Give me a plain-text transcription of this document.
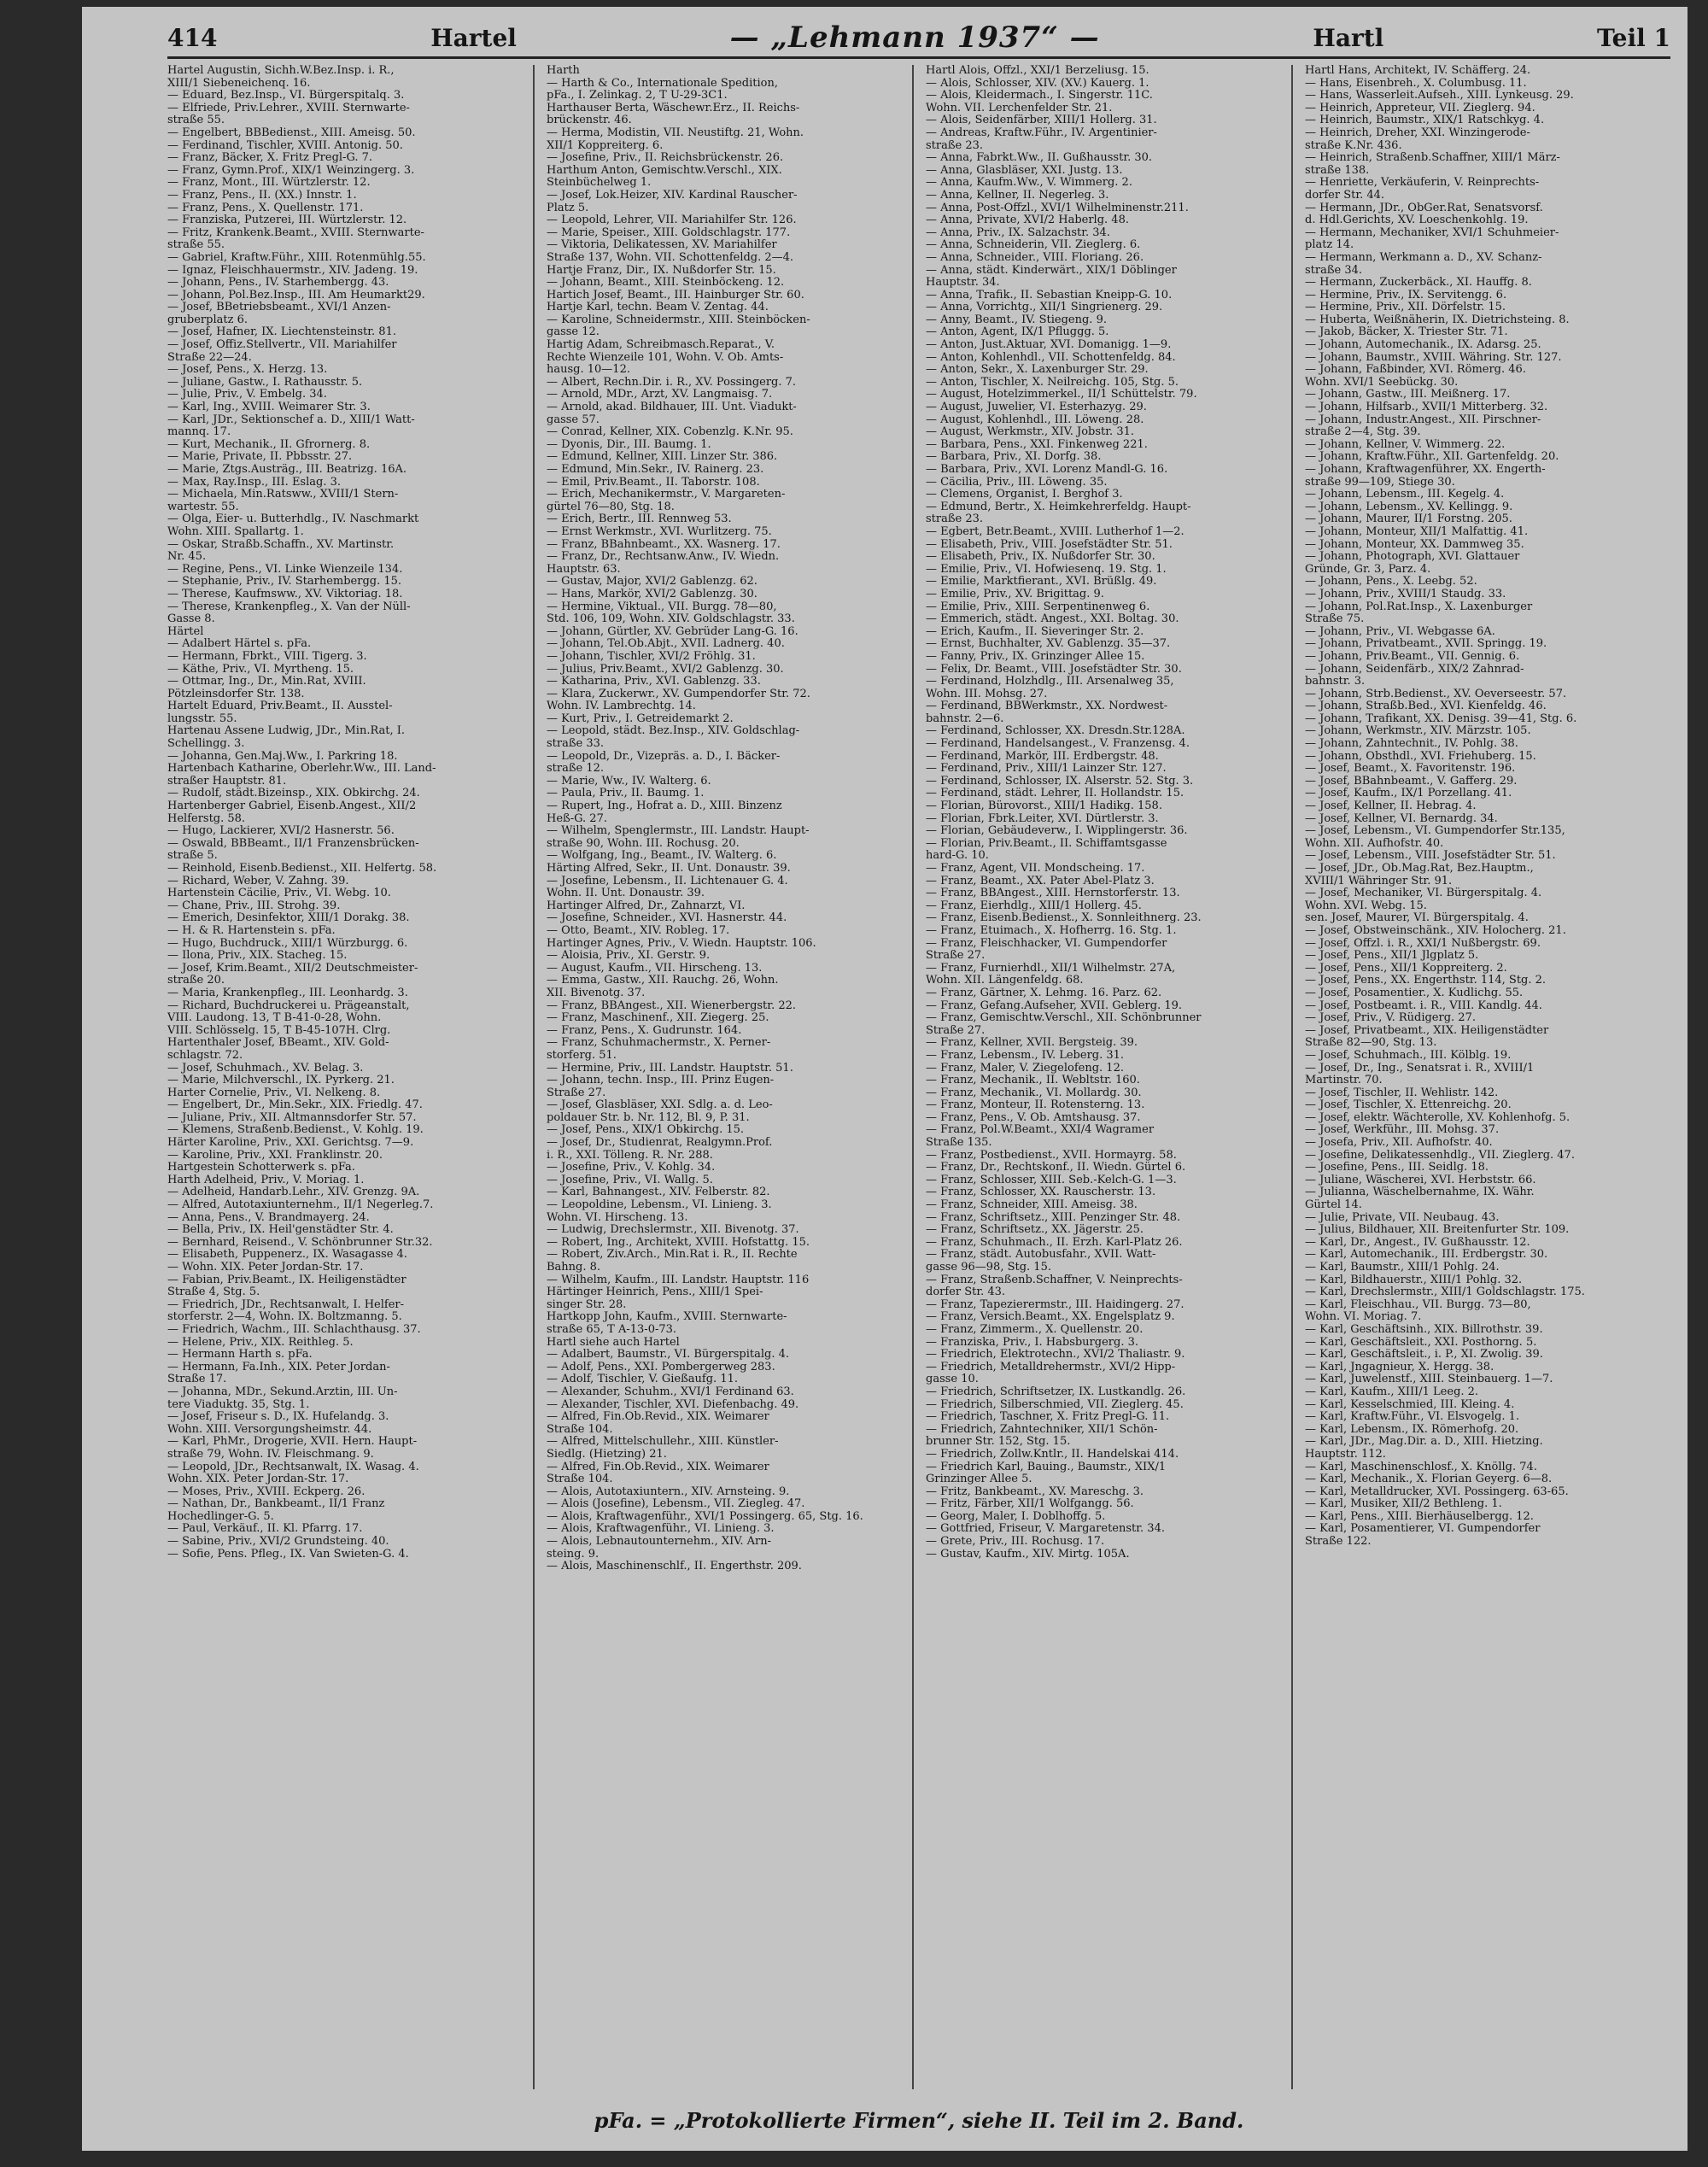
414	Hartel	— „Lehmann 1937“ —	Hartl	Teil 1
Hartel Augustin, Sichh.W.Bez.Insp. i. R.,
XIII/1 Siebeneichenq. 16.
— Eduard, Bez.Insp., VI. Bürgerspitalq. 3.
— Elfriede, Priv.Lehrer., XVIII. Sternwarte-
straße 55.
— Engelbert, BBBedienst., XIII. Ameisg. 50.
— Ferdinand, Tischler, XVIII. Antonig. 50.
— Franz, Bäcker, X. Fritz Pregl-G. 7.
— Franz, Gymn.Prof., XIX/1 Weinzingerg. 3.
— Franz, Mont., III. Würtzlerstr. 12.
— Franz, Pens., II. (XX.) Innstr. 1.
— Franz, Pens., X. Quellenstr. 171.
— Franziska, Putzerei, III. Würtzlerstr. 12.
— Fritz, Krankenk.Beamt., XVIII. Sternwarte-
straße 55.
— Gabriel, Kraftw.Führ., XIII. Rotenmühlg.55.
— Ignaz, Fleischhauermstr., XIV. Jadeng. 19.
— Johann, Pens., IV. Starhembergg. 43.
— Johann, Pol.Bez.Insp., III. Am Heumarkt29.
— Josef, BBetriebsbeamt., XVI/1 Anzen-
gruberplatz 6.
— Josef, Hafner, IX. Liechtensteinstr. 81.
— Josef, Offiz.Stellvertr., VII. Mariahilfer
Straße 22—24.
— Josef, Pens., X. Herzg. 13.
— Juliane, Gastw., I. Rathausstr. 5.
— Julie, Priv., V. Embelg. 34.
— Karl, Ing., XVIII. Weimarer Str. 3.
— Karl, JDr., Sektionschef a. D., XIII/1 Watt-
mannq. 17.
— Kurt, Mechanik., II. Gfrornerg. 8.
— Marie, Private, II. Pbbsstr. 27.
— Marie, Ztgs.Austräg., III. Beatrizg. 16A.
— Max, Ray.Insp., III. Eslag. 3.
— Michaela, Min.Ratsww., XVIII/1 Stern-
wartestr. 55.
— Olga, Eier- u. Butterhdlg., IV. Naschmarkt
Wohn. XIII. Spallartg. 1.
— Oskar, Straßb.Schaffn., XV. Martinstr.
Nr. 45.
— Regine, Pens., VI. Linke Wienzeile 134.
— Stephanie, Priv., IV. Starhembergg. 15.
— Therese, Kaufmsww., XV. Viktoriag. 18.
— Therese, Krankenpfleg., X. Van der Nüll-
Gasse 8.
Härtel
— Adalbert Härtel s. pFa.
— Hermann, Fbrkt., VIII. Tigerg. 3.
— Käthe, Priv., VI. Myrtheng. 15.
— Ottmar, Ing., Dr., Min.Rat, XVIII.
Pötzleinsdorfer Str. 138.
Hartelt Eduard, Priv.Beamt., II. Ausstel-
lungsstr. 55.
Hartenau Assene Ludwig, JDr., Min.Rat, I.
Schellingg. 3.
— Johanna, Gen.Maj.Ww., I. Parkring 18.
Hartenbach Katharine, Oberlehr.Ww., III. Land-
straßer Hauptstr. 81.
— Rudolf, städt.Bizeinsp., XIX. Obkirchg. 24.
Hartenberger Gabriel, Eisenb.Angest., XII/2
Helferstg. 58.
— Hugo, Lackierer, XVI/2 Hasnerstr. 56.
— Oswald, BBBeamt., II/1 Franzensbrücken-
straße 5.
— Reinhold, Eisenb.Bedienst., XII. Helfertg. 58.
— Richard, Weber, V. Zahng. 39.
Hartenstein Cäcilie, Priv., VI. Webg. 10.
— Chane, Priv., III. Strohg. 39.
— Emerich, Desinfektor, XIII/1 Dorakg. 38.
— H. & R. Hartenstein s. pFa.
— Hugo, Buchdruck., XIII/1 Würzburgg. 6.
— Ilona, Priv., XIX. Stacheg. 15.
— Josef, Krim.Beamt., XII/2 Deutschmeister-
straße 20.
— Maria, Krankenpfleg., III. Leonhardg. 3.
— Richard, Buchdruckerei u. Prägeanstalt,
VIII. Laudong. 13, T B-41-0-28, Wohn.
VIII. Schlösselg. 15, T B-45-107H. Clrg.
Hartenthaler Josef, BBeamt., XIV. Gold-
schlagstr. 72.
— Josef, Schuhmach., XV. Belag. 3.
— Marie, Milchverschl., IX. Pyrkerg. 21.
Harter Cornelie, Priv., VI. Nelkeng. 8.
— Engelbert, Dr., Min.Sekr., XIX. Friedlg. 47.
— Juliane, Priv., XII. Altmannsdorfer Str. 57.
— Klemens, Straßenb.Bedienst., V. Kohlg. 19.
Härter Karoline, Priv., XXI. Gerichtsg. 7—9.
— Karoline, Priv., XXI. Franklinstr. 20.
Hartgestein Schotterwerk s. pFa.
Harth Adelheid, Priv., V. Moriag. 1.
— Adelheid, Handarb.Lehr., XIV. Grenzg. 9A.
— Alfred, Autotaxiunternehm., II/1 Negerleg.7.
— Anna, Pens., V. Brandmayerg. 24.
— Bella, Priv., IX. Heil'genstädter Str. 4.
— Bernhard, Reisend., V. Schönbrunner Str.32.
— Elisabeth, Puppenerz., IX. Wasagasse 4.
— Wohn. XIX. Peter Jordan-Str. 17.
— Fabian, Priv.Beamt., IX. Heiligenstädter
Straße 4, Stg. 5.
— Friedrich, JDr., Rechtsanwalt, I. Helfer-
storferstr. 2—4, Wohn. IX. Boltzmanng. 5.
— Friedrich, Wachm., III. Schlachthausg. 37.
— Helene, Priv., XIX. Reithleg. 5.
— Hermann Harth s. pFa.
— Hermann, Fa.Inh., XIX. Peter Jordan-
Straße 17.
— Johanna, MDr., Sekund.Ärztin, III. Un-
tere Viaduktg. 35, Stg. 1.
— Josef, Friseur s. D., IX. Hufelandg. 3.
Wohn. XIII. Versorgungsheimstr. 44.
— Karl, PhMr., Drogerie, XVII. Hern. Haupt-
straße 79, Wohn. IV. Fleischmang. 9.
— Leopold, JDr., Rechtsanwalt, IX. Wasag. 4.
Wohn. XIX. Peter Jordan-Str. 17.
— Moses, Priv., XVIII. Eckperg. 26.
— Nathan, Dr., Bankbeamt., II/1 Franz
Hochedlinger-G. 5.
— Paul, Verkäuf., II. Kl. Pfarrg. 17.
— Sabine, Priv., XVI/2 Grundsteing. 40.
— Sofie, Pens. Pfleg., IX. Van Swieten-G. 4.
Harth
— Harth & Co., Internationale Spedition,
pFa., I. Zelinkag. 2, T U-29-3C1.
Harthauser Berta, Wäschewr.Erz., II. Reichs-
brückenstr. 46.
— Herma, Modistin, VII. Neustiftg. 21, Wohn.
XII/1 Koppreiterg. 6.
— Josefine, Priv., II. Reichsbrückenstr. 26.
Harthum Anton, Gemischtw.Verschl., XIX.
Steinbüchelweg 1.
— Josef, Lok.Heizer, XIV. Kardinal Rauscher-
Platz 5.
— Leopold, Lehrer, VII. Mariahilfer Str. 126.
— Marie, Speiser., XIII. Goldschlagstr. 177.
— Viktoria, Delikatessen, XV. Mariahilfer
Straße 137, Wohn. VII. Schottenfeldg. 2—4.
Hartje Franz, Dir., IX. Nußdorfer Str. 15.
— Johann, Beamt., XIII. Steinböckeng. 12.
Hartich Josef, Beamt., III. Hainburger Str. 60.
Hartje Karl, techn. Beam V. Zentag. 44.
— Karoline, Schneidermstr., XIII. Steinböcken-
gasse 12.
Hartig Adam, Schreibmasch.Reparat., V.
Rechte Wienzeile 101, Wohn. V. Ob. Amts-
hausg. 10—12.
— Albert, Rechn.Dir. i. R., XV. Possingerg. 7.
— Arnold, MDr., Arzt, XV. Langmaisg. 7.
— Arnold, akad. Bildhauer, III. Unt. Viadukt-
gasse 57.
— Conrad, Kellner, XIX. Cobenzlg. K.Nr. 95.
— Dyonis, Dir., III. Baumg. 1.
— Edmund, Kellner, XIII. Linzer Str. 386.
— Edmund, Min.Sekr., IV. Rainerg. 23.
— Emil, Priv.Beamt., II. Taborstr. 108.
— Erich, Mechanikermstr., V. Margareten-
gürtel 76—80, Stg. 18.
— Erich, Bertr., III. Rennweg 53.
— Ernst Werkmstr., XVI. Wurlitzerg. 75.
— Franz, BBahnbeamt., XX. Wasnerg. 17.
— Franz, Dr., Rechtsanw.Anw., IV. Wiedn.
Hauptstr. 63.
— Gustav, Major, XVI/2 Gablenzg. 62.
— Hans, Markör, XVI/2 Gablenzg. 30.
— Hermine, Viktual., VII. Burgg. 78—80,
Std. 106, 109, Wohn. XIV. Goldschlagstr. 33.
— Johann, Gürtler, XV. Gebrüder Lang-G. 16.
— Johann, Tel.Ob.Abjt., XVII. Ladnerg. 40.
— Johann, Tischler, XVI/2 Fröhlg. 31.
— Julius, Priv.Beamt., XVI/2 Gablenzg. 30.
— Katharina, Priv., XVI. Gablenzg. 33.
— Klara, Zuckerwr., XV. Gumpendorfer Str. 72.
Wohn. IV. Lambrechtg. 14.
— Kurt, Priv., I. Getreidemarkt 2.
— Leopold, städt. Bez.Insp., XIV. Goldschlag-
straße 33.
— Leopold, Dr., Vizepräs. a. D., I. Bäcker-
straße 12.
— Marie, Ww., IV. Walterg. 6.
— Paula, Priv., II. Baumg. 1.
— Rupert, Ing., Hofrat a. D., XIII. Binzenz
Heß-G. 27.
— Wilhelm, Spenglermstr., III. Landstr. Haupt-
straße 90, Wohn. III. Rochusg. 20.
— Wolfgang, Ing., Beamt., IV. Walterg. 6.
Härting Alfred, Sekr., II. Unt. Donaustr. 39.
— Josefine, Lebensm., II. Lichtenauer G. 4.
Wohn. II. Unt. Donaustr. 39.
Hartinger Alfred, Dr., Zahnarzt, VI.
— Josefine, Schneider., XVI. Hasnerstr. 44.
— Otto, Beamt., XIV. Robleg. 17.
Hartinger Agnes, Priv., V. Wiedn. Hauptstr. 106.
— Aloisia, Priv., XI. Gerstr. 9.
— August, Kaufm., VII. Hirscheng. 13.
— Emma, Gastw., XII. Rauchg. 26, Wohn.
XII. Bivenotg. 37.
— Franz, BBAngest., XII. Wienerbergstr. 22.
— Franz, Maschinenf., XII. Ziegerg. 25.
— Franz, Pens., X. Gudrunstr. 164.
— Franz, Schuhmachermstr., X. Perner-
storferg. 51.
— Hermine, Priv., III. Landstr. Hauptstr. 51.
— Johann, techn. Insp., III. Prinz Eugen-
Straße 27.
— Josef, Glasbläser, XXI. Sdlg. a. d. Leo-
poldauer Str. b. Nr. 112, Bl. 9, P. 31.
— Josef, Pens., XIX/1 Obkirchg. 15.
— Josef, Dr., Studienrat, Realgymn.Prof.
i. R., XXI. Tölleng. R. Nr. 288.
— Josefine, Priv., V. Kohlg. 34.
— Josefine, Priv., VI. Wallg. 5.
— Karl, Bahnangest., XIV. Felberstr. 82.
— Leopoldine, Lebensm., VI. Linieng. 3.
Wohn. VI. Hirscheng. 13.
— Ludwig, Drechslermstr., XII. Bivenotg. 37.
— Robert, Ing., Architekt, XVIII. Hofstattg. 15.
— Robert, Ziv.Arch., Min.Rat i. R., II. Rechte
Bahng. 8.
— Wilhelm, Kaufm., III. Landstr. Hauptstr. 116
Härtinger Heinrich, Pens., XIII/1 Spei-
singer Str. 28.
Hartkopp John, Kaufm., XVIII. Sternwarte-
straße 65, T A-13-0-73.
Hartl siehe auch Hartel
— Adalbert, Baumstr., VI. Bürgerspitalg. 4.
— Adolf, Pens., XXI. Pombergerweg 283.
— Adolf, Tischler, V. Gießaufg. 11.
— Alexander, Schuhm., XVI/1 Ferdinand 63.
— Alexander, Tischler, XVI. Diefenbachg. 49.
— Alfred, Fin.Ob.Revid., XIX. Weimarer
Straße 104.
— Alfred, Mittelschullehr., XIII. Künstler-
Siedlg. (Hietzing) 21.
— Alfred, Fin.Ob.Revid., XIX. Weimarer
Straße 104.
— Alois, Autotaxiuntern., XIV. Arnsteing. 9.
— Alois (Josefine), Lebensm., VII. Ziegleg. 47.
— Alois, Kraftwagenführ., XVI/1 Possingerg. 65, Stg. 16.
— Alois, Kraftwagenführ., VI. Linieng. 3.
— Alois, Lebnautounternehm., XIV. Arn-
steing. 9.
— Alois, Maschinenschlf., II. Engerthstr. 209.
Hartl Alois, Offzl., XXI/1 Berzeliusg. 15.
— Alois, Schlosser, XIV. (XV.) Kauerg. 1.
— Alois, Kleidermach., I. Singerstr. 11C.
Wohn. VII. Lerchenfelder Str. 21.
— Alois, Seidenfärber, XIII/1 Hollerg. 31.
— Andreas, Kraftw.Führ., IV. Argentinier-
straße 23.
— Anna, Fabrkt.Ww., II. Gußhausstr. 30.
— Anna, Glasbläser, XXI. Justg. 13.
— Anna, Kaufm.Ww., V. Wimmerg. 2.
— Anna, Kellner, II. Negerleg. 3.
— Anna, Post-Offzl., XVI/1 Wilhelminenstr.211.
— Anna, Private, XVI/2 Haberlg. 48.
— Anna, Priv., IX. Salzachstr. 34.
— Anna, Schneiderin, VII. Zieglerg. 6.
— Anna, Schneider., VIII. Floriang. 26.
— Anna, städt. Kinderwärt., XIX/1 Döblinger
Hauptstr. 34.
— Anna, Trafik., II. Sebastian Kneipp-G. 10.
— Anna, Vorrichtg., XII/1 Singrienerg. 29.
— Anny, Beamt., IV. Stiegeng. 9.
— Anton, Agent, IX/1 Pfluggg. 5.
— Anton, Just.Aktuar, XVI. Domanigg. 1—9.
— Anton, Kohlenhdl., VII. Schottenfeldg. 84.
— Anton, Sekr., X. Laxenburger Str. 29.
— Anton, Tischler, X. Neilreichg. 105, Stg. 5.
— August, Hotelzimmerkel., II/1 Schüttelstr. 79.
— August, Juwelier, VI. Esterhazyg. 29.
— August, Kohlenhdl., III. Löweng. 28.
— August, Werkmstr., XIV. Jobstr. 31.
— Barbara, Pens., XXI. Finkenweg 221.
— Barbara, Priv., XI. Dorfg. 38.
— Barbara, Priv., XVI. Lorenz Mandl-G. 16.
— Cäcilia, Priv., III. Löweng. 35.
— Clemens, Organist, I. Berghof 3.
— Edmund, Bertr., X. Heimkehrerfeldg. Haupt-
straße 23.
— Egbert, Betr.Beamt., XVIII. Lutherhof 1—2.
— Elisabeth, Priv., VIII. Josefstädter Str. 51.
— Elisabeth, Priv., IX. Nußdorfer Str. 30.
— Emilie, Priv., VI. Hofwiesenq. 19. Stg. 1.
— Emilie, Marktfierant., XVI. Brüßlg. 49.
— Emilie, Priv., XV. Brigittag. 9.
— Emilie, Priv., XIII. Serpentinenweg 6.
— Emmerich, städt. Angest., XXI. Boltag. 30.
— Erich, Kaufm., II. Sieveringer Str. 2.
— Ernst, Buchhalter, XV. Gablenzg. 35—37.
— Fanny, Priv., IX. Grinzinger Allee 15.
— Felix, Dr. Beamt., VIII. Josefstädter Str. 30.
— Ferdinand, Holzhdlg., III. Arsenalweg 35,
Wohn. III. Mohsg. 27.
— Ferdinand, BBWerkmstr., XX. Nordwest-
bahnstr. 2—6.
— Ferdinand, Schlosser, XX. Dresdn.Str.128A.
— Ferdinand, Handelsangest., V. Franzensg. 4.
— Ferdinand, Markör, III. Erdbergstr. 48.
— Ferdinand, Priv., XIII/1 Lainzer Str. 127.
— Ferdinand, Schlosser, IX. Alserstr. 52. Stg. 3.
— Ferdinand, städt. Lehrer, II. Hollandstr. 15.
— Florian, Bürovorst., XIII/1 Hadikg. 158.
— Florian, Fbrk.Leiter, XVI. Dürtlerstr. 3.
— Florian, Gebäudeverw., I. Wipplingerstr. 36.
— Florian, Priv.Beamt., II. Schiffamtsgasse
hard-G. 10.
— Franz, Agent, VII. Mondscheing. 17.
— Franz, Beamt., XX. Pater Abel-Platz 3.
— Franz, BBAngest., XIII. Hernstorferstr. 13.
— Franz, Eierhdlg., XIII/1 Hollerg. 45.
— Franz, Eisenb.Bedienst., X. Sonnleithnerg. 23.
— Franz, Etuimach., X. Hofherrg. 16. Stg. 1.
— Franz, Fleischhacker, VI. Gumpendorfer
Straße 27.
— Franz, Furnierhdl., XII/1 Wilhelmstr. 27A,
Wohn. XII. Längenfeldg. 68.
— Franz, Gärtner, X. Lehmg. 16. Parz. 62.
— Franz, Gefang.Aufseher, XVII. Geblerg. 19.
— Franz, Gemischtw.Verschl., XII. Schönbrunner
Straße 27.
— Franz, Kellner, XVII. Bergsteig. 39.
— Franz, Lebensm., IV. Leberg. 31.
— Franz, Maler, V. Ziegelofeng. 12.
— Franz, Mechanik., II. Webltstr. 160.
— Franz, Mechanik., VI. Mollardg. 30.
— Franz, Monteur, II. Rotensterng. 13.
— Franz, Pens., V. Ob. Amtshausg. 37.
— Franz, Pol.W.Beamt., XXI/4 Wagramer
Straße 135.
— Franz, Postbedienst., XVII. Hormayrg. 58.
— Franz, Dr., Rechtskonf., II. Wiedn. Gürtel 6.
— Franz, Schlosser, XIII. Seb.-Kelch-G. 1—3.
— Franz, Schlosser, XX. Rauscherstr. 13.
— Franz, Schneider, XIII. Ameisg. 38.
— Franz, Schriftsetz., XIII. Penzinger Str. 48.
— Franz, Schriftsetz., XX. Jägerstr. 25.
— Franz, Schuhmach., II. Erzh. Karl-Platz 26.
— Franz, städt. Autobusfahr., XVII. Watt-
gasse 96—98, Stg. 15.
— Franz, Straßenb.Schaffner, V. Neinprechts-
dorfer Str. 43.
— Franz, Tapezierermstr., III. Haidingerg. 27.
— Franz, Versich.Beamt., XX. Engelsplatz 9.
— Franz, Zimmerm., X. Quellenstr. 20.
— Franziska, Priv., I. Habsburgerg. 3.
— Friedrich, Elektrotechn., XVI/2 Thaliastr. 9.
— Friedrich, Metalldrehermstr., XVI/2 Hipp-
gasse 10.
— Friedrich, Schriftsetzer, IX. Lustkandlg. 26.
— Friedrich, Silberschmied, VII. Zieglerg. 45.
— Friedrich, Taschner, X. Fritz Pregl-G. 11.
— Friedrich, Zahntechniker, XII/1 Schön-
brunner Str. 152, Stg. 15.
— Friedrich, Zollw.Kntlr., II. Handelskai 414.
— Friedrich Karl, Bauing., Baumstr., XIX/1
Grinzinger Allee 5.
— Fritz, Bankbeamt., XV. Mareschg. 3.
— Fritz, Färber, XII/1 Wolfgangg. 56.
— Georg, Maler, I. Doblhoffg. 5.
— Gottfried, Friseur, V. Margaretenstr. 34.
— Grete, Priv., III. Rochusg. 17.
— Gustav, Kaufm., XIV. Mirtg. 105A.
Hartl Hans, Architekt, IV. Schäfferg. 24.
— Hans, Eisenbreh., X. Columbusg. 11.
— Hans, Wasserleit.Aufseh., XIII. Lynkeusg. 29.
— Heinrich, Appreteur, VII. Zieglerg. 94.
— Heinrich, Baumstr., XIX/1 Ratschkyg. 4.
— Heinrich, Dreher, XXI. Winzingerode-
straße K.Nr. 436.
— Heinrich, Straßenb.Schaffner, XIII/1 März-
straße 138.
— Henriette, Verkäuferin, V. Reinprechts-
dorfer Str. 44.
— Hermann, JDr., ObGer.Rat, Senatsvorsf.
d. Hdl.Gerichts, XV. Loeschenkohlg. 19.
— Hermann, Mechaniker, XVI/1 Schuhmeier-
platz 14.
— Hermann, Werkmann a. D., XV. Schanz-
straße 34.
— Hermann, Zuckerbäck., XI. Hauffg. 8.
— Hermine, Priv., IX. Servitengg. 6.
— Hermine, Priv., XII. Dörfelstr. 15.
— Huberta, Weißnäherin, IX. Dietrichsteing. 8.
— Jakob, Bäcker, X. Triester Str. 71.
— Johann, Automechanik., IX. Adarsg. 25.
— Johann, Baumstr., XVIII. Währing. Str. 127.
— Johann, Faßbinder, XVI. Römerg. 46.
Wohn. XVI/1 Seebückg. 30.
— Johann, Gastw., III. Meißnerg. 17.
— Johann, Hilfsarb., XVII/1 Mitterberg. 32.
— Johann, Industr.Angest., XII. Pirschner-
straße 2—4, Stg. 39.
— Johann, Kellner, V. Wimmerg. 22.
— Johann, Kraftw.Führ., XII. Gartenfeldg. 20.
— Johann, Kraftwagenführer, XX. Engerth-
straße 99—109, Stiege 30.
— Johann, Lebensm., III. Kegelg. 4.
— Johann, Lebensm., XV. Kellingg. 9.
— Johann, Maurer, II/1 Forstng. 205.
— Johann, Monteur, XII/1 Malfattig. 41.
— Johann, Monteur, XX. Dammweg 35.
— Johann, Photograph, XVI. Glattauer
Gründe, Gr. 3, Parz. 4.
— Johann, Pens., X. Leebg. 52.
— Johann, Priv., XVIII/1 Staudg. 33.
— Johann, Pol.Rat.Insp., X. Laxenburger
Straße 75.
— Johann, Priv., VI. Webgasse 6A.
— Johann, Privatbeamt., XVII. Springg. 19.
— Johann, Priv.Beamt., VII. Gennig. 6.
— Johann, Seidenfärb., XIX/2 Zahnrad-
bahnstr. 3.
— Johann, Strb.Bedienst., XV. Oeverseestr. 57.
— Johann, Straßb.Bed., XVI. Kienfeldg. 46.
— Johann, Trafikant, XX. Denisg. 39—41, Stg. 6.
— Johann, Werkmstr., XIV. Märzstr. 105.
— Johann, Zahntechnit., IV. Pohlg. 38.
— Johann, Obsthdl., XVI. Friehuberg. 15.
— Josef, Beamt., X. Favoritenstr. 196.
— Josef, BBahnbeamt., V. Gafferg. 29.
— Josef, Kaufm., IX/1 Porzellang. 41.
— Josef, Kellner, II. Hebrag. 4.
— Josef, Kellner, VI. Bernardg. 34.
— Josef, Lebensm., VI. Gumpendorfer Str.135,
Wohn. XII. Aufhofstr. 40.
— Josef, Lebensm., VIII. Josefstädter Str. 51.
— Josef, JDr., Ob.Mag.Rat, Bez.Hauptm.,
XVIII/1 Währinger Str. 91.
— Josef, Mechaniker, VI. Bürgerspitalg. 4.
Wohn. XVI. Webg. 15.
sen. Josef, Maurer, VI. Bürgerspitalg. 4.
— Josef, Obstweinschänk., XIV. Holocherg. 21.
— Josef, Offzl. i. R., XXI/1 Nußbergstr. 69.
— Josef, Pens., XII/1 Jlgplatz 5.
— Josef, Pens., XII/1 Koppreiterg. 2.
— Josef, Pens., XX. Engerthstr. 114, Stg. 2.
— Josef, Posamentier., X. Kudlichg. 55.
— Josef, Postbeamt. i. R., VIII. Kandlg. 44.
— Josef, Priv., V. Rüdigerg. 27.
— Josef, Privatbeamt., XIX. Heiligenstädter
Straße 82—90, Stg. 13.
— Josef, Schuhmach., III. Kölblg. 19.
— Josef, Dr., Ing., Senatsrat i. R., XVIII/1
Martinstr. 70.
— Josef, Tischler, II. Wehlistr. 142.
— Josef, Tischler, X. Ettenreichg. 20.
— Josef, elektr. Wächterolle, XV. Kohlenhofg. 5.
— Josef, Werkführ., III. Mohsg. 37.
— Josefa, Priv., XII. Aufhofstr. 40.
— Josefine, Delikatessenhdlg., VII. Zieglerg. 47.
— Josefine, Pens., III. Seidlg. 18.
— Juliane, Wäscherei, XVI. Herbststr. 66.
— Julianna, Wäschelbernahme, IX. Währ.
Gürtel 14.
— Julie, Private, VII. Neubaug. 43.
— Julius, Bildhauer, XII. Breitenfurter Str. 109.
— Karl, Dr., Angest., IV. Gußhausstr. 12.
— Karl, Automechanik., III. Erdbergstr. 30.
— Karl, Baumstr., XIII/1 Pohlg. 24.
— Karl, Bildhauerstr., XIII/1 Pohlg. 32.
— Karl, Drechslermstr., XIII/1 Goldschlagstr. 175.
— Karl, Fleischhau., VII. Burgg. 73—80,
Wohn. VI. Moriag. 7.
— Karl, Geschäftsinh., XIX. Billrothstr. 39.
— Karl, Geschäftsleit., XXI. Posthorng. 5.
— Karl, Geschäftsleit., i. P., XI. Zwolig. 39.
— Karl, Jngagnieur, X. Hergg. 38.
— Karl, Juwelenstf., XIII. Steinbauerg. 1—7.
— Karl, Kaufm., XIII/1 Leeg. 2.
— Karl, Kesselschmied, III. Kleing. 4.
— Karl, Kraftw.Führ., VI. Elsvogelg. 1.
— Karl, Lebensm., IX. Römerhofg. 20.
— Karl, JDr., Mag.Dir. a. D., XIII. Hietzing.
Hauptstr. 112.
— Karl, Maschinenschlosf., X. Knöllg. 74.
— Karl, Mechanik., X. Florian Geyerg. 6—8.
— Karl, Metalldrucker, XVI. Possingerg. 63-65.
— Karl, Musiker, XII/2 Bethleng. 1.
— Karl, Pens., XIII. Bierhäuselbergg. 12.
— Karl, Posamentierer, VI. Gumpendorfer
Straße 122.
pFa. = „Protokollierte Firmen“, siehe II. Teil im 2. Band.
